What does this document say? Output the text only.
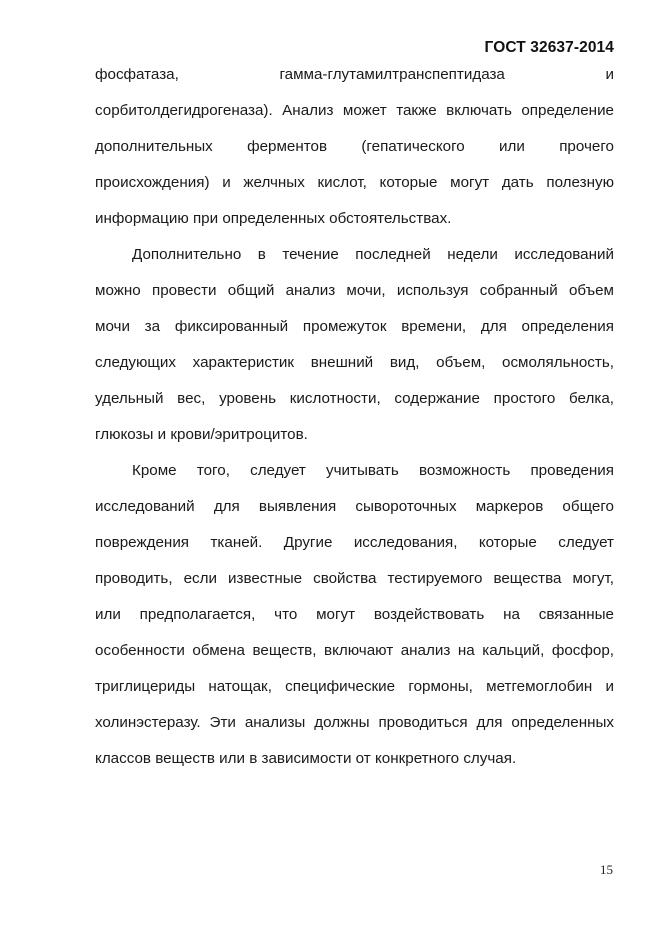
ГОСТ 32637-2014
фосфатаза, гамма-глутамилтранспептидаза и
сорбитолдегидрогеназа). Анализ может также включать определение
дополнительных ферментов (гепатического или прочего
происхождения) и желчных кислот, которые могут дать полезную
информацию при определенных обстоятельствах.
Дополнительно в течение последней недели исследований
можно провести общий анализ мочи, используя собранный объем
мочи за фиксированный промежуток времени, для определения
следующих характеристик внешний вид, объем, осмоляльность,
удельный вес, уровень кислотности, содержание простого белка,
глюкозы и крови/эритроцитов.
Кроме того, следует учитывать возможность проведения
исследований для выявления сывороточных маркеров общего
повреждения тканей. Другие исследования, которые следует
проводить, если известные свойства тестируемого вещества могут,
или предполагается, что могут воздействовать на связанные
особенности обмена веществ, включают анализ на кальций, фосфор,
триглицериды натощак, специфические гормоны, метгемоглобин и
холинэстеразу. Эти анализы должны проводиться для определенных
классов веществ или в зависимости от конкретного случая.
15
